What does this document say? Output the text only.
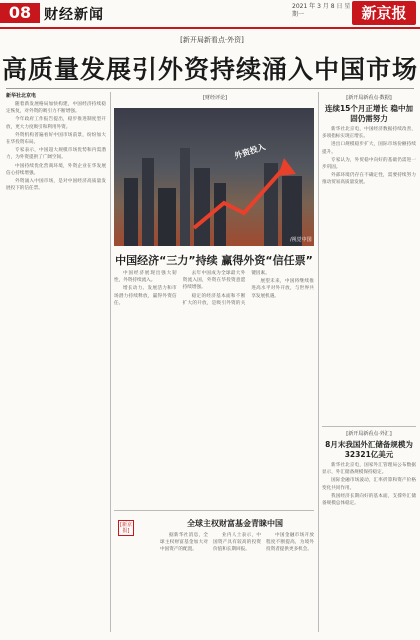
08 财经新闻
2021 年 3 月 8 日 星期一	新京报
[新开局新看点·外资]
高质量发展引外资持续涌入中国市场
新华社北京电

随着新发展格局加快构建，中国经济持续稳定恢复，对外资的吸引力不断增强。

今年政府工作报告提出，稳步推进制度型开放，更大力度吸引和利用外资。

外资机构普遍看好中国市场前景，纷纷加大在华投资布局。

专家表示，中国超大规模市场优势和内需潜力，为外资提供了广阔空间。

中国持续优化营商环境，外资企业在华发展信心持续增强。

外资涌入中国市场，是对中国经济高质量发展投下的信任票。

[财经评论]
外资投入
/视觉中国
中国经济“三力”持续 赢得外资“信任票”

中国经济展现出强大韧性，外资持续流入。

增长动力、发展活力和市场潜力持续释放，赢得外资信任。

去年中国成为全球最大外资流入国，外资在华投资意愿持续增强。

稳定的经济基本面和不断扩大的开放，是吸引外资的关键因素。

展望未来，中国将继续推进高水平对外开放，与世界共享发展机遇。

[新京报]
全球主权财富基金青睐中国

据新华社消息，全球主权财富基金加大对中国资产的配置。

业内人士表示，中国资产具有较高的投资价值和长期回报。

中国金融市场开放程度不断提高，为境外投资者提供更多机会。

[新开局新看点·数据]
连续15个月正增长 稳中加固仍需努力

新华社北京电，中国经济数据持续改善，多项指标实现正增长。

进出口规模稳步扩大，国际市场份额持续提升。

专家认为，外贸稳中向好的基础仍需进一步巩固。

外部环境仍存在不确定性，需要持续努力推动贸易高质量发展。

[新开局新看点·外汇]
8月末我国外汇储备规模为32321亿美元

新华社北京电，国家外汇管理局公布数据显示，外汇储备规模保持稳定。

国际金融市场波动，汇率折算和资产价格变化共同作用。

我国经济长期向好的基本面，支撑外汇储备规模总体稳定。
